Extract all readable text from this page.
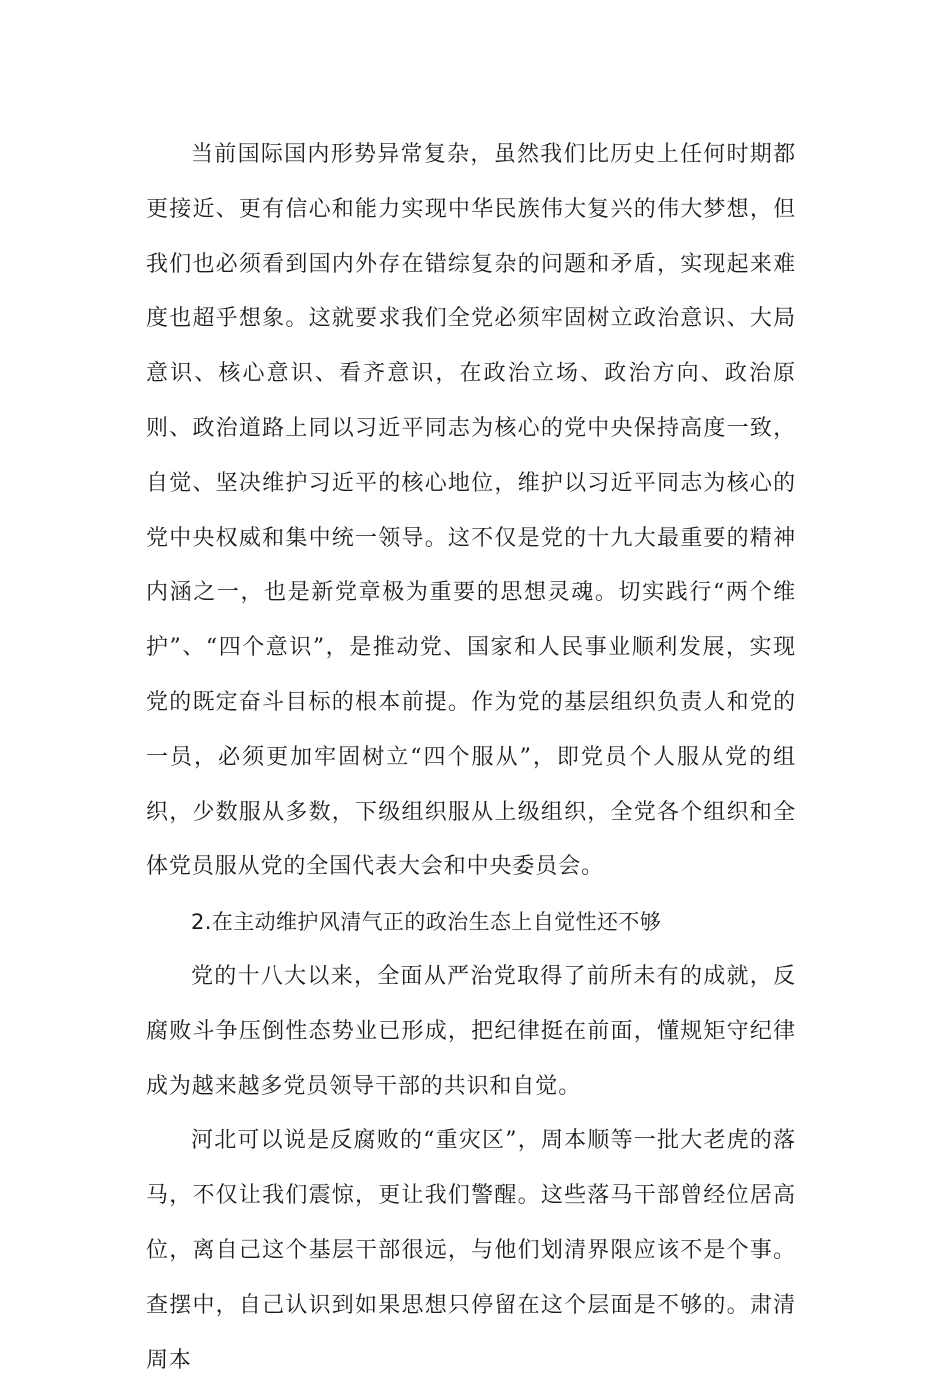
当前国际国内形势异常复杂，虽然我们比历史上任何时期都更接近、更有信心和能力实现中华民族伟大复兴的伟大梦想，但我们也必须看到国内外存在错综复杂的问题和矛盾，实现起来难度也超乎想象。这就要求我们全党必须牢固树立政治意识、大局意识、核心意识、看齐意识，在政治立场、政治方向、政治原则、政治道路上同以习近平同志为核心的党中央保持高度一致，自觉、坚决维护习近平的核心地位，维护以习近平同志为核心的党中央权威和集中统一领导。这不仅是党的十九大最重要的精神内涵之一，也是新党章极为重要的思想灵魂。切实践行“两个维护”、“四个意识”，是推动党、国家和人民事业顺利发展，实现党的既定奋斗目标的根本前提。作为党的基层组织负责人和党的一员，必须更加牢固树立“四个服从”，即党员个人服从党的组织，少数服从多数，下级组织服从上级组织，全党各个组织和全体党员服从党的全国代表大会和中央委员会。

2.在主动维护风清气正的政治生态上自觉性还不够

党的十八大以来，全面从严治党取得了前所未有的成就，反腐败斗争压倒性态势业已形成，把纪律挺在前面，懂规矩守纪律成为越来越多党员领导干部的共识和自觉。

河北可以说是反腐败的“重灾区”，周本顺等一批大老虎的落马，不仅让我们震惊，更让我们警醒。这些落马干部曾经位居高位，离自己这个基层干部很远，与他们划清界限应该不是个事。查摆中，自己认识到如果思想只停留在这个层面是不够的。肃清周本
